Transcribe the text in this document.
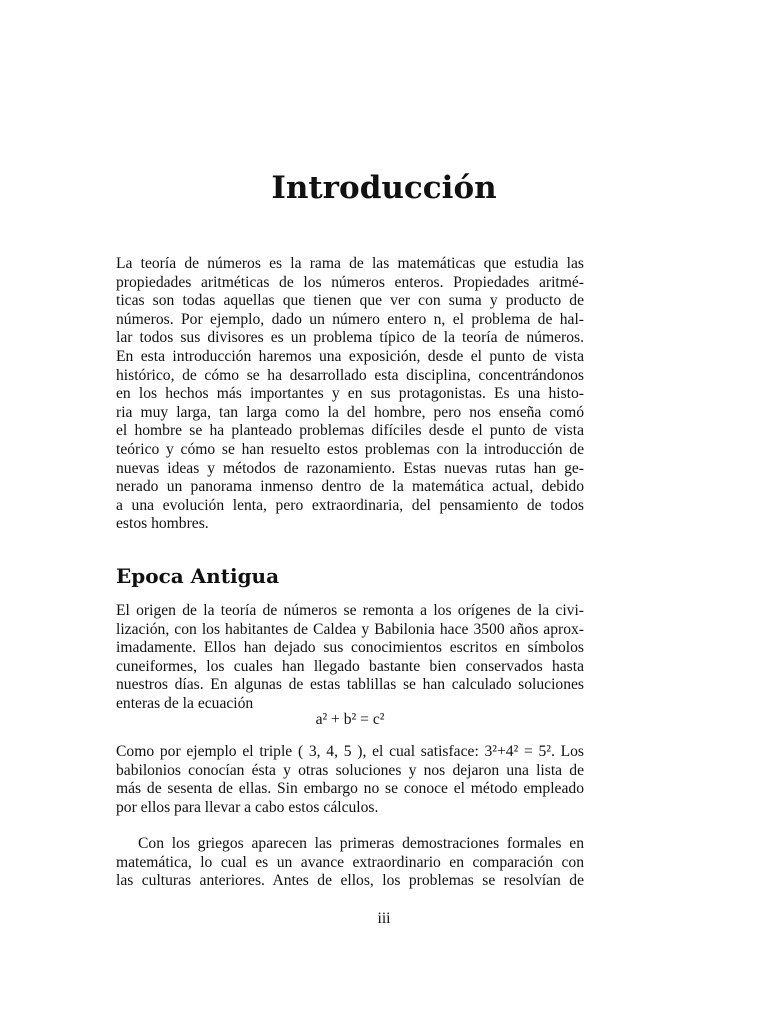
Introducción
La teoría de números es la rama de las matemáticas que estudia las
propiedades aritméticas de los números enteros. Propiedades aritmé-
ticas son todas aquellas que tienen que ver con suma y producto de
números. Por ejemplo, dado un número entero n, el problema de hal-
lar todos sus divisores es un problema típico de la teoría de números.
En esta introducción haremos una exposición, desde el punto de vista
histórico, de cómo se ha desarrollado esta disciplina, concentrándonos
en los hechos más importantes y en sus protagonistas. Es una histo-
ria muy larga, tan larga como la del hombre, pero nos enseña comó
el hombre se ha planteado problemas difíciles desde el punto de vista
teórico y cómo se han resuelto estos problemas con la introducción de
nuevas ideas y métodos de razonamiento. Estas nuevas rutas han ge-
nerado un panorama inmenso dentro de la matemática actual, debido
a una evolución lenta, pero extraordinaria, del pensamiento de todos
estos hombres.
Epoca Antigua
El origen de la teoría de números se remonta a los orígenes de la civi-
lización, con los habitantes de Caldea y Babilonia hace 3500 años aprox-
imadamente. Ellos han dejado sus conocimientos escritos en símbolos
cuneiformes, los cuales han llegado bastante bien conservados hasta
nuestros días. En algunas de estas tablillas se han calculado soluciones
enteras de la ecuación
a² + b² = c²
Como por ejemplo el triple ( 3, 4, 5 ), el cual satisface: 3²+4² = 5². Los
babilonios conocían ésta y otras soluciones y nos dejaron una lista de
más de sesenta de ellas. Sin embargo no se conoce el método empleado
por ellos para llevar a cabo estos cálculos.
Con los griegos aparecen las primeras demostraciones formales en
matemática, lo cual es un avance extraordinario en comparación con
las culturas anteriores. Antes de ellos, los problemas se resolvían de
iii
